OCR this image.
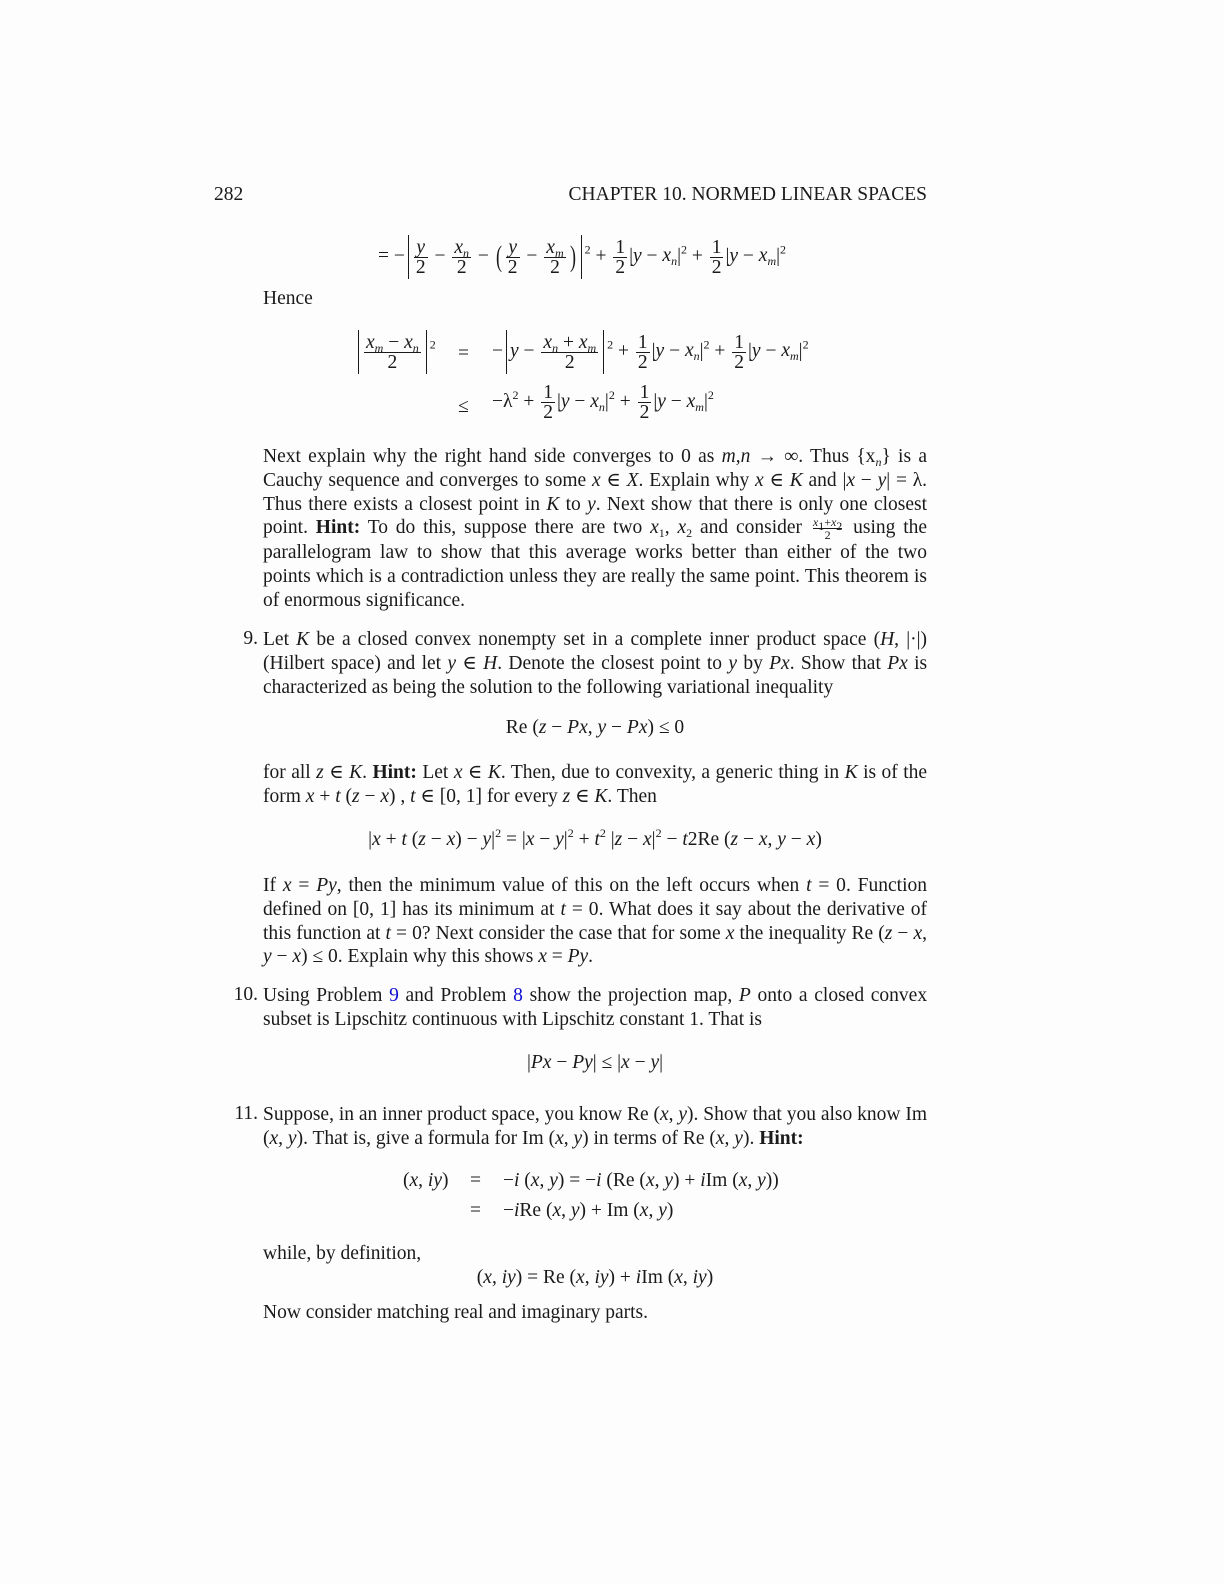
282	CHAPTER 10. NORMED LINEAR SPACES
= − $\frac{y}{2} - \frac{x_n}{2}$ − ( $\frac{y}{2} - \frac{x_m}{2}$ ) $^2 + \frac{1}{2} |y - x_n|^2 + \frac{1}{2} |y - x_m|^2$
Hence
$\frac{x_m - x_n}{2} ^2$ = − $y - \frac{x_n + x_m}{2} ^2 + \frac{1}{2} |y - x_n|^2 + \frac{1}{2} |y - x_m|^2$
≤ $-\lambda^2 + \frac{1}{2} |y - x_n|^2 + \frac{1}{2} |y - x_m|^2$
Next explain why the right hand side converges to 0 as m,n → ∞. Thus $\{x_n\}$ is a Cauchy sequence and converges to some x ∈ X. Explain why x ∈ K and |x − y| = λ. Thus there exists a closest point in K to y. Next show that there is only one closest point. Hint: To do this, suppose there are two $x_1$, $x_2$ and consider $\frac{x_1+x_2}{2}$ using the parallelogram law to show that this average works better than either of the two points which is a contradiction unless they are really the same point. This theorem is of enormous significance.
9. Let K be a closed convex nonempty set in a complete inner product space (H, |·|) (Hilbert space) and let y ∈ H. Denote the closest point to y by Px. Show that Px is characterized as being the solution to the following variational inequality
Re (z − Px, y − Px) ≤ 0
for all z ∈ K. Hint: Let x ∈ K. Then, due to convexity, a generic thing in K is of the form x + t (z − x) , t ∈ [0, 1] for every z ∈ K. Then
|x + t $(z - x) - y|^2 = |x - y|^2 + t^2$ $|z - x|^2 - t2Re$ (z − x, y − x)
If x = Py, then the minimum value of this on the left occurs when t = 0. Function defined on [0, 1] has its minimum at t = 0. What does it say about the derivative of this function at t = 0? Next consider the case that for some x the inequality Re (z − x, y − x) ≤ 0. Explain why this shows x = Py.
10. Using Problem 9 and Problem 8 show the projection map, P onto a closed convex subset is Lipschitz continuous with Lipschitz constant 1. That is
|Px − Py| ≤ |x − y|
11. Suppose, in an inner product space, you know Re (x, y). Show that you also know Im (x, y). That is, give a formula for Im (x, y) in terms of Re (x, y). Hint:
(x, iy) = −i (x, y) = −i (Re (x, y) + iIm (x, y))
= −iRe (x, y) + Im (x, y)
while, by definition,
(x, iy) = Re (x, iy) + iIm (x, iy)
Now consider matching real and imaginary parts.
